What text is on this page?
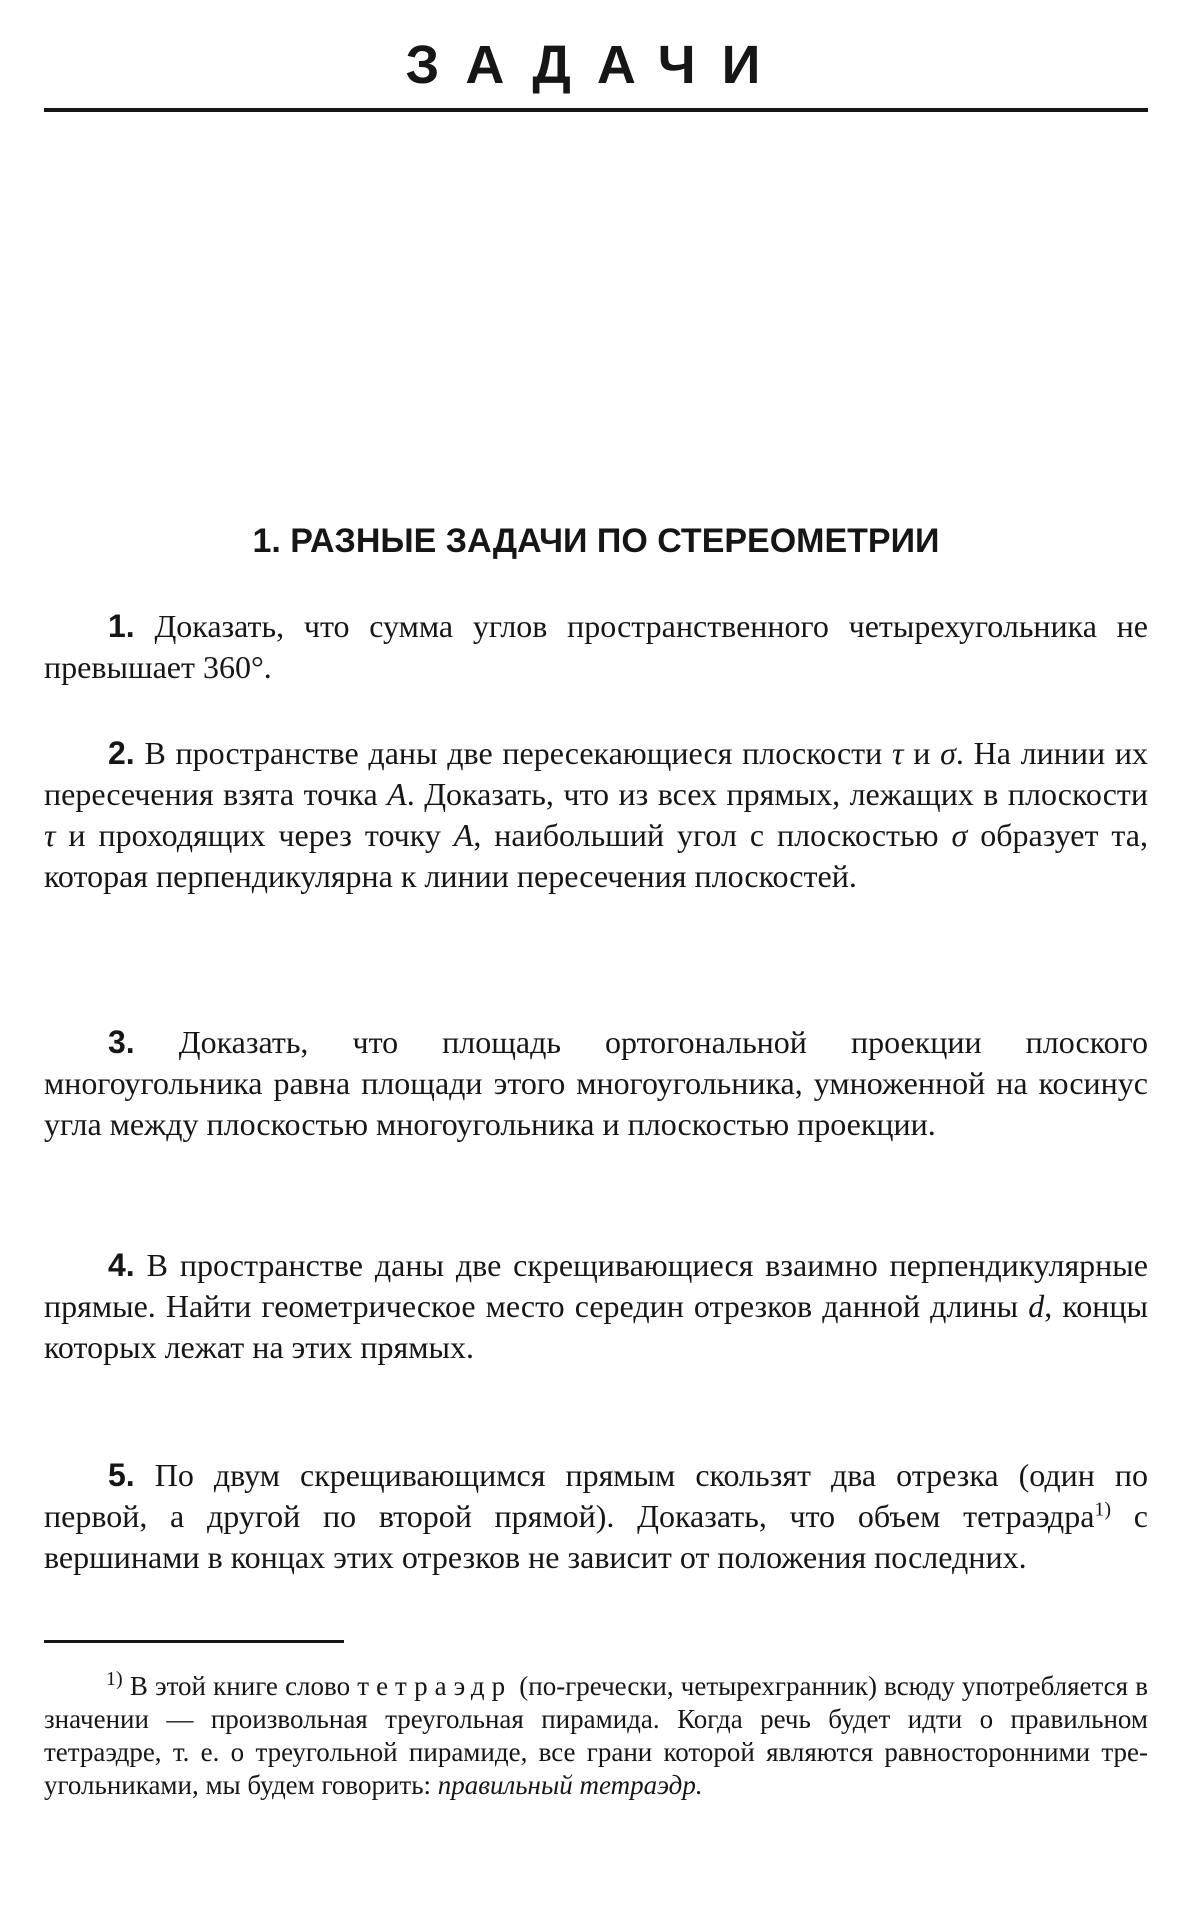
ЗАДАЧИ
1. РАЗНЫЕ ЗАДАЧИ ПО СТЕРЕОМЕТРИИ

1. Доказать, что сумма углов пространственного четырехугольника не превышает 360°.

2. В пространстве даны две пересекающиеся плоскости τ и σ. На линии их пересечения взята точка A. Доказать, что из всех прямых, лежащих в плоскости τ и проходящих через точку A, наибольший угол с плоскостью σ образует та, которая перпендикулярна к линии пересечения плоскостей.

3. Доказать, что площадь ортогональной проекции плоского многоугольника равна площади этого многоугольника, умноженной на косинус угла между плоскостью многоугольника и плоскостью проекции.

4. В пространстве даны две скрещивающиеся взаимно перпендикулярные прямые. Найти геометрическое место середин отрезков данной длины d, концы которых лежат на этих прямых.

5. По двум скрещивающимся прямым скользят два отрезка (один по первой, а другой по второй прямой). Доказать, что объем тетраэдра$^{1)}$ с вершинами в концах этих отрезков не зависит от положения последних.

$^{1)}$ В этой книге слово тетраэдр (по-гречески, четырехгранник) всюду употребляется в значении — произвольная треугольная пирамида. Когда речь будет идти о правильном тетраэдре, т. е. о треугольной пирамиде, все грани которой являются равносторонними треугольниками, мы будем говорить: правильный тетраэдр.
